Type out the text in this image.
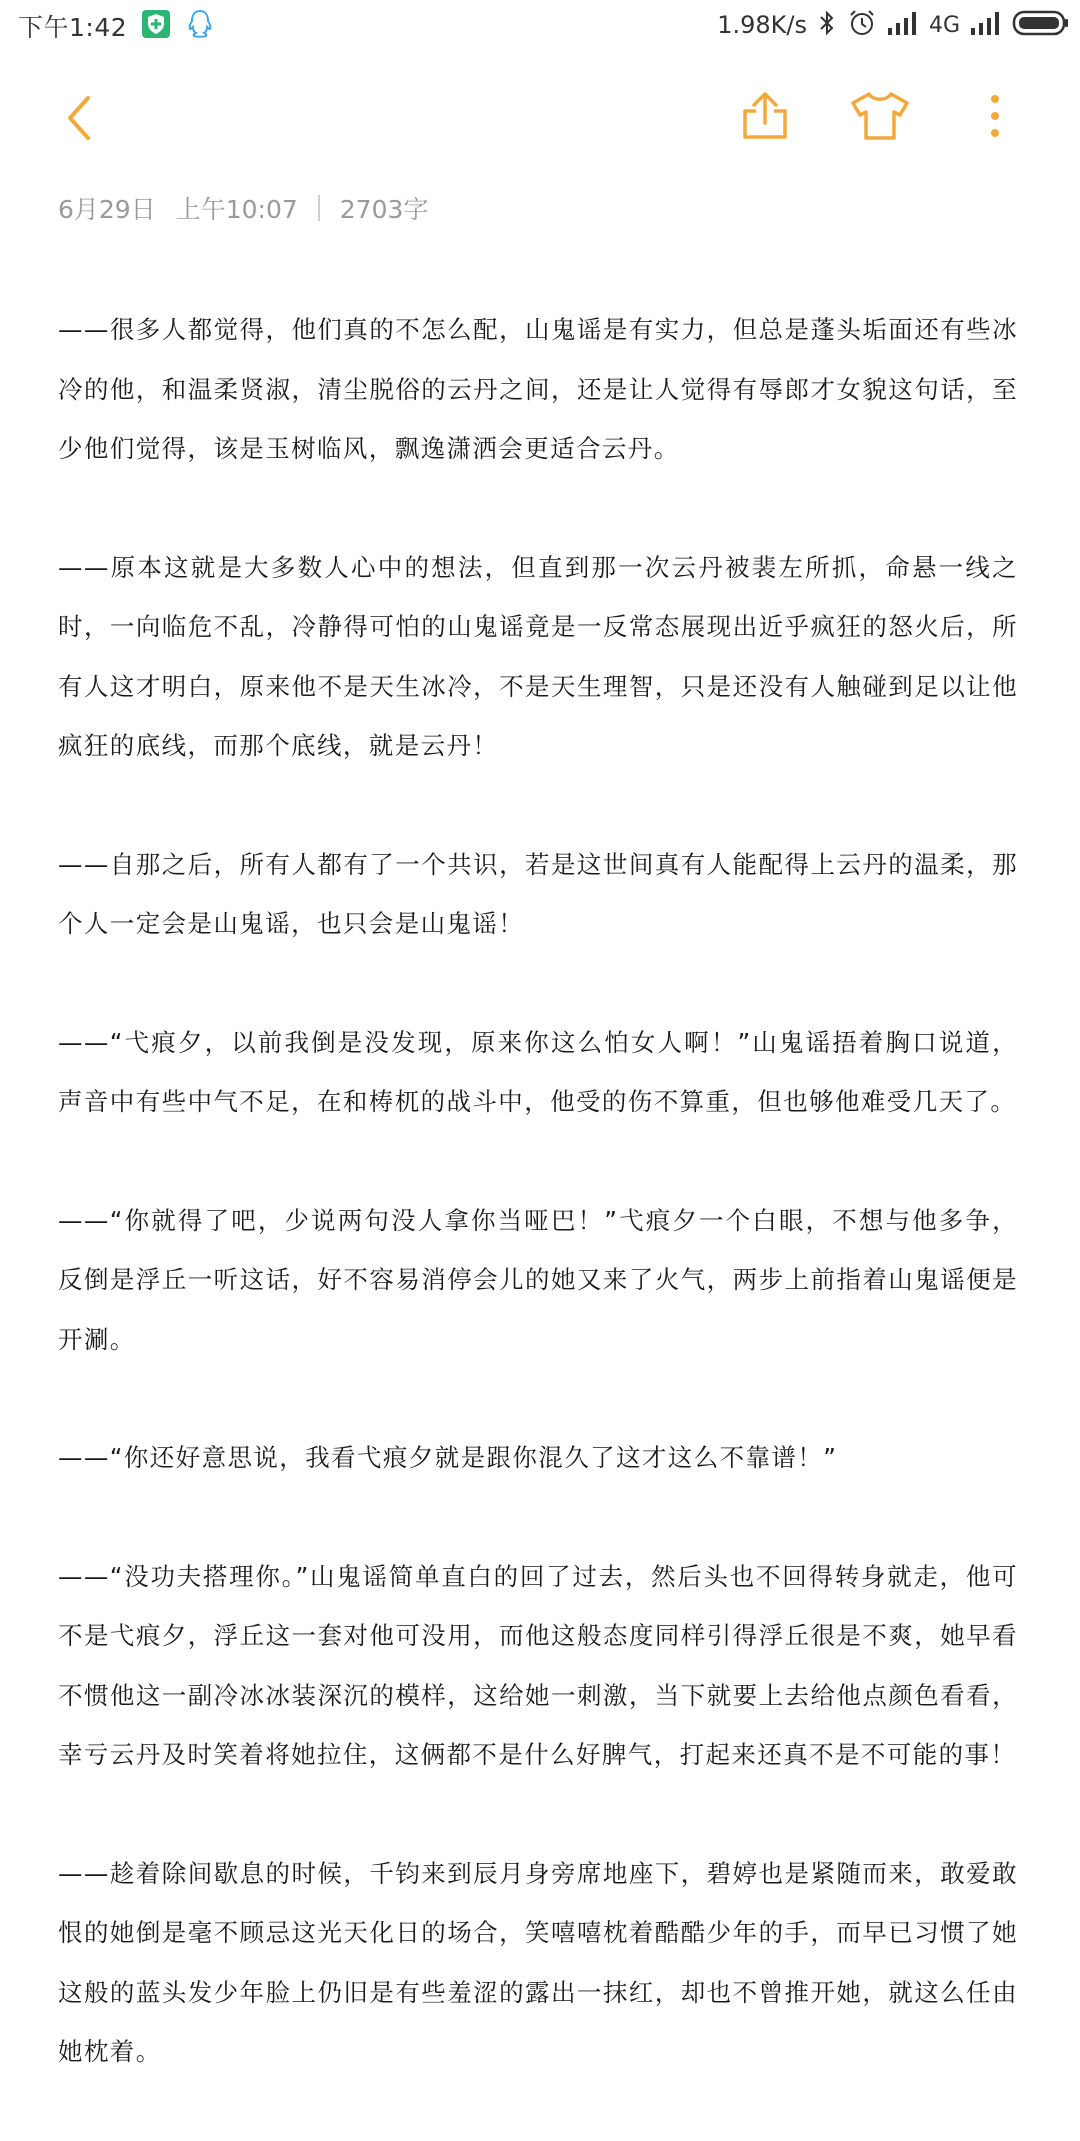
下午1:42	1.98K/s	4G
6月29日 上午10:07 2703字

——很多人都觉得，他们真的不怎么配，山鬼谣是有实力，但总是蓬头垢面还有些冰冷的他，和温柔贤淑，清尘脱俗的云丹之间，还是让人觉得有辱郎才女貌这句话，至少他们觉得，该是玉树临风，飘逸潇洒会更适合云丹。

——原本这就是大多数人心中的想法，但直到那一次云丹被裴左所抓，命悬一线之时，一向临危不乱，冷静得可怕的山鬼谣竟是一反常态展现出近乎疯狂的怒火后，所有人这才明白，原来他不是天生冰冷，不是天生理智，只是还没有人触碰到足以让他疯狂的底线，而那个底线，就是云丹！

——自那之后，所有人都有了一个共识，若是这世间真有人能配得上云丹的温柔，那个人一定会是山鬼谣，也只会是山鬼谣！

——“弋痕夕，以前我倒是没发现，原来你这么怕女人啊！”山鬼谣捂着胸口说道，声音中有些中气不足，在和梼杌的战斗中，他受的伤不算重，但也够他难受几天了。

——“你就得了吧，少说两句没人拿你当哑巴！”弋痕夕一个白眼，不想与他多争，反倒是浮丘一听这话，好不容易消停会儿的她又来了火气，两步上前指着山鬼谣便是开涮。

——“你还好意思说，我看弋痕夕就是跟你混久了这才这么不靠谱！”

——“没功夫搭理你。”山鬼谣简单直白的回了过去，然后头也不回得转身就走，他可不是弋痕夕，浮丘这一套对他可没用，而他这般态度同样引得浮丘很是不爽，她早看不惯他这一副冷冰冰装深沉的模样，这给她一刺激，当下就要上去给他点颜色看看，幸亏云丹及时笑着将她拉住，这俩都不是什么好脾气，打起来还真不是不可能的事！

——趁着除间歇息的时候，千钧来到辰月身旁席地座下，碧婷也是紧随而来，敢爱敢恨的她倒是毫不顾忌这光天化日的场合，笑嘻嘻枕着酷酷少年的手，而早已习惯了她这般的蓝头发少年脸上仍旧是有些羞涩的露出一抹红，却也不曾推开她，就这么任由她枕着。
